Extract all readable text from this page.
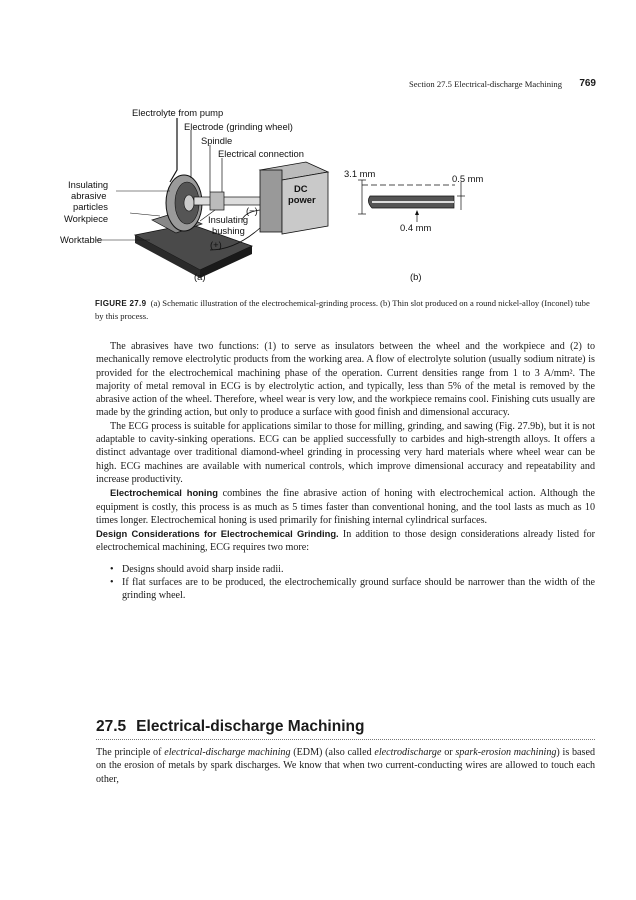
Section 27.5 Electrical-discharge Machining 769
Electrolyte from pump
Electrode (grinding wheel)
Spindle
Electrical connection
Insulating
abrasive
particles
Workpiece	Insulating
bushing
Worktable	(+)
(−)
DC
power
(a)
3.1 mm	0.5 mm
0.4 mm
(b)
FIGURE 27.9 (a) Schematic illustration of the electrochemical-grinding process. (b) Thin slot produced on a round nickel-alloy (Inconel) tube by this process.

The abrasives have two functions: (1) to serve as insulators between the wheel and the workpiece and (2) to mechanically remove electrolytic products from the working area. A flow of electrolyte solution (usually sodium nitrate) is provided for the electrochemical machining phase of the operation. Current densities range from 1 to 3 A/mm². The majority of metal removal in ECG is by electrolytic action, and typically, less than 5% of the metal is removed by the abrasive action of the wheel. Therefore, wheel wear is very low, and the workpiece remains cool. Finishing cuts usually are made by the grinding action, but only to produce a surface with good finish and dimensional accuracy.

The ECG process is suitable for applications similar to those for milling, grinding, and sawing (Fig. 27.9b), but it is not adaptable to cavity-sinking operations. ECG can be applied successfully to carbides and high-strength alloys. It offers a distinct advantage over traditional diamond-wheel grinding in processing very hard materials where wheel wear can be high. ECG machines are available with numerical controls, which improve dimensional accuracy and repeatability and increase productivity.

Electrochemical honing combines the fine abrasive action of honing with electrochemical action. Although the equipment is costly, this process is as much as 5 times faster than conventional honing, and the tool lasts as much as 10 times longer. Electrochemical honing is used primarily for finishing internal cylindrical surfaces.

Design Considerations for Electrochemical Grinding. In addition to those design considerations already listed for electrochemical machining, ECG requires two more:

• Designs should avoid sharp inside radii.
• If flat surfaces are to be produced, the electrochemically ground surface should be narrower than the width of the grinding wheel.
27.5 Electrical-discharge Machining

The principle of electrical-discharge machining (EDM) (also called electrodischarge or spark-erosion machining) is based on the erosion of metals by spark discharges. We know that when two current-conducting wires are allowed to touch each other,
